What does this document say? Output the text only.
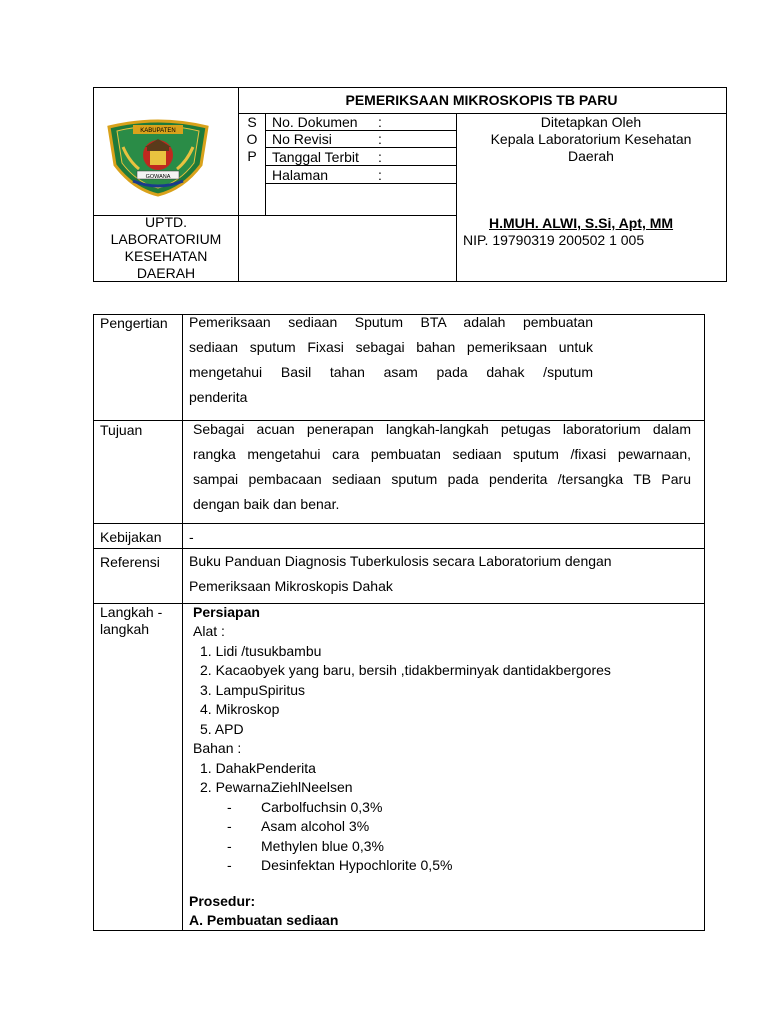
KABUPATEN
GOWANA
PEMERIKSAAN MIKROSKOPIS TB PARU
S
O
P
No. Dokumen :
No Revisi	:
Tanggal Terbit :
Halaman	:
Ditetapkan Oleh
Kepala Laboratorium Kesehatan
Daerah
UPTD.
LABORATORIUM
KESEHATAN
DAERAH
H.MUH. ALWI, S.Si, Apt, MM
NIP. 19790319 200502 1 005
Pengertian Pemeriksaan sediaan Sputum BTA adalah pembuatan
sediaan sputum Fixasi sebagai bahan pemeriksaan untuk
mengetahui Basil tahan asam pada dahak /sputum
penderita
Tujuan	Sebagai acuan penerapan langkah-langkah petugas laboratorium dalam
rangka mengetahui cara pembuatan sediaan sputum /fixasi pewarnaan,
sampai pembacaan sediaan sputum pada penderita /tersangka TB Paru
dengan baik dan benar.
Kebijakan -
Referensi Buku Panduan Diagnosis Tuberkulosis secara Laboratorium dengan
Pemeriksaan Mikroskopis Dahak
Langkah -
langkah
Persiapan
Alat :
1. Lidi /tusukbambu
2. Kacaobyek yang baru, bersih ,tidakberminyak dantidakbergores
3. LampuSpiritus
4. Mikroskop
5. APD
Bahan :
1. DahakPenderita
2. PewarnaZiehlNeelsen
- Carbolfuchsin 0,3%
- Asam alcohol 3%
- Methylen blue 0,3%
- Desinfektan Hypochlorite 0,5%
Prosedur:
A. Pembuatan sediaan
